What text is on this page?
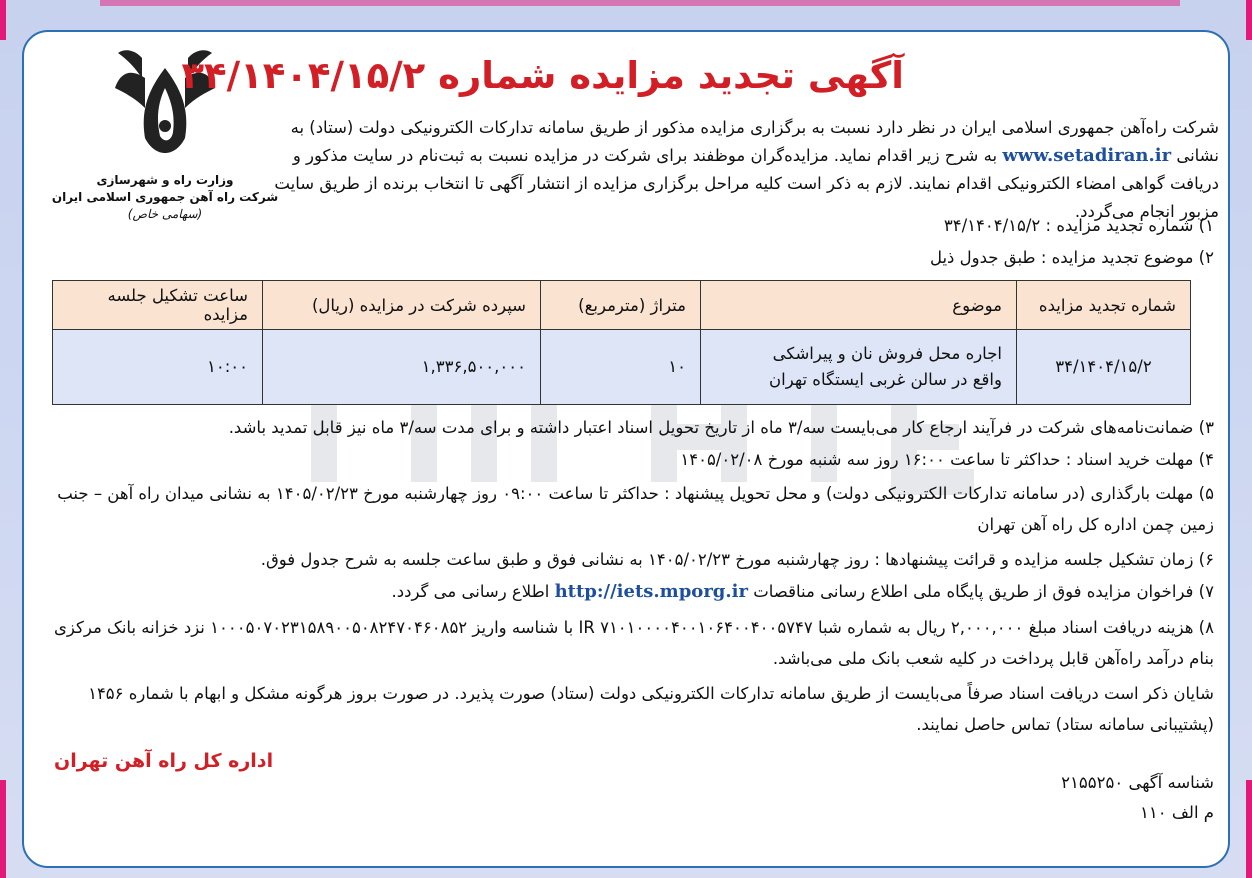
وزارت راه و شهرسازی
شرکت راه آهن جمهوری اسلامی ایران
(سهامی خاص)
آگهی تجدید مزایده شماره ۳۴/۱۴۰۴/۱۵/۲

شرکت راه‌آهن جمهوری اسلامی ایران در نظر دارد نسبت به برگزاری مزایده مذکور از طریق سامانه تدارکات الکترونیکی دولت (ستاد) به نشانی www.setadiran.ir به شرح زیر اقدام نماید. مزایده‌گران موظفند برای شرکت در مزایده نسبت به ثبت‌نام در سایت مذکور و دریافت گواهی امضاء الکترونیکی اقدام نمایند. لازم به ذکر است کلیه مراحل برگزاری مزایده از انتشار آگهی تا انتخاب برنده از طریق سایت مزبور انجام می‌گردد.

۱) شماره تجدید مزایده : ۳۴/۱۴۰۴/۱۵/۲
۲) موضوع تجدید مزایده : طبق جدول ذیل
شماره تجدید مزایده	موضوع	متراژ (مترمربع)	سپرده شرکت در مزایده (ریال)	ساعت تشکیل جلسه مزایده
۳۴/۱۴۰۴/۱۵/۲	اجاره محل فروش نان و پیراشکی
واقع در سالن غربی ایستگاه تهران	۱۰	۱,۳۳۶,۵۰۰,۰۰۰	۱۰:۰۰

۳) ضمانت‌نامه‌های شرکت در فرآیند ارجاع کار می‌بایست سه/۳ ماه از تاریخ تحویل اسناد اعتبار داشته و برای مدت سه/۳ ماه نیز قابل تمدید باشد.

۴) مهلت خرید اسناد : حداکثر تا ساعت ۱۶:۰۰ روز سه شنبه مورخ ۱۴۰۵/۰۲/۰۸

۵) مهلت بارگذاری (در سامانه تدارکات الکترونیکی دولت) و محل تحویل پیشنهاد : حداکثر تا ساعت ۰۹:۰۰ روز چهارشنبه مورخ ۱۴۰۵/۰۲/۲۳ به نشانی میدان راه آهن – جنب زمین چمن اداره کل راه آهن تهران

۶) زمان تشکیل جلسه مزایده و قرائت پیشنهادها : روز چهارشنبه مورخ ۱۴۰۵/۰۲/۲۳ به نشانی فوق و طبق ساعت جلسه به شرح جدول فوق.

۷) فراخوان مزایده فوق از طریق پایگاه ملی اطلاع رسانی مناقصات http://iets.mporg.ir اطلاع رسانی می گردد.

۸) هزینه دریافت اسناد مبلغ ۲,۰۰۰,۰۰۰ ریال به شماره شبا IR ۷۱۰۱۰۰۰۰۴۰۰۱۰۶۴۰۰۴۰۰۵۷۴۷ با شناسه واریز ۱۰۰۰۵۰۷۰۲۳۱۵۸۹۰۰۵۰۸۲۴۷۰۴۶۰۸۵۲ نزد خزانه بانک مرکزی بنام درآمد راه‌آهن قابل پرداخت در کلیه شعب بانک ملی می‌باشد.

شایان ذکر است دریافت اسناد صرفاً می‌بایست از طریق سامانه تدارکات الکترونیکی دولت (ستاد) صورت پذیرد. در صورت بروز هرگونه مشکل و ابهام با شماره ۱۴۵۶ (پشتیبانی سامانه ستاد) تماس حاصل نمایند.

اداره کل راه آهن تهران
شناسه آگهی ۲۱۵۵۲۵۰
م الف ۱۱۰
